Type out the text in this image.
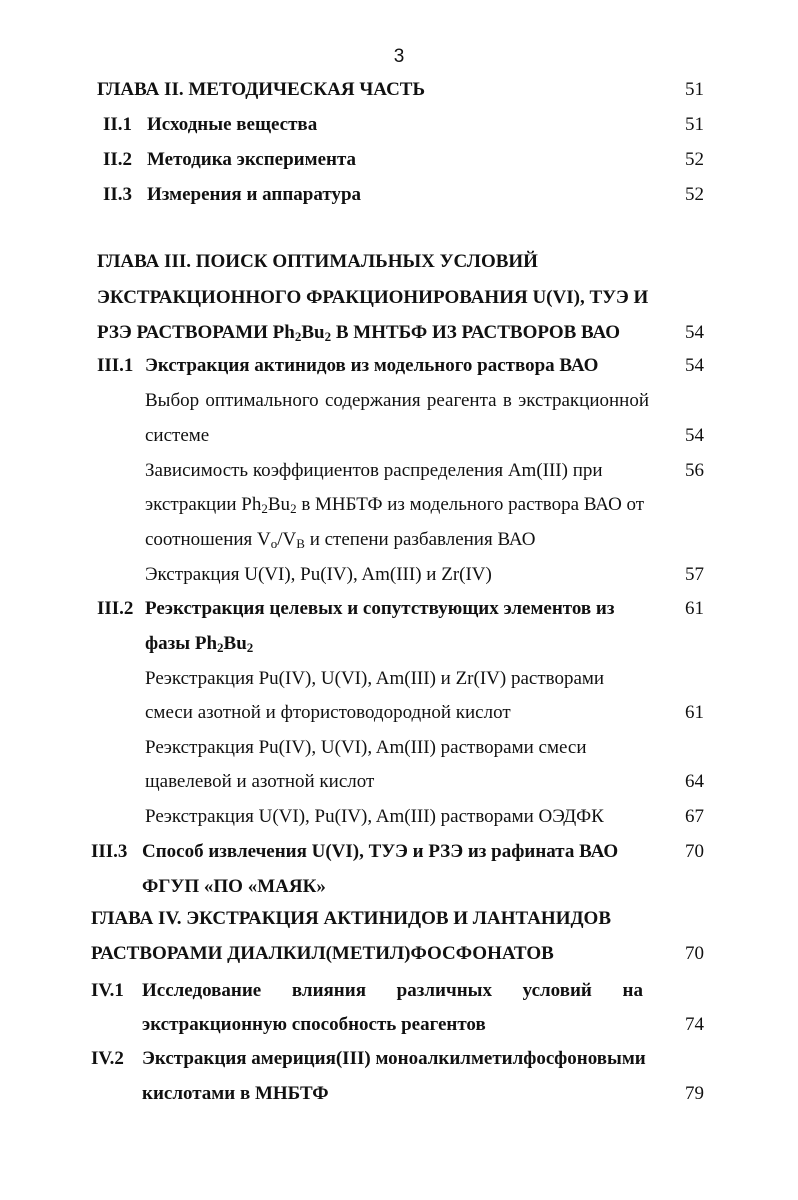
3
ГЛАВА II. МЕТОДИЧЕСКАЯ ЧАСТЬ	51
II.1 Исходные вещества	51
II.2 Методика эксперимента	52
II.3 Измерения и аппаратура	52
ГЛАВА III. ПОИСК ОПТИМАЛЬНЫХ УСЛОВИЙ
ЭКСТРАКЦИОННОГО ФРАКЦИОНИРОВАНИЯ U(VI), ТУЭ И
РЗЭ РАСТВОРАМИ $Ph_2Bu_2$ В МНТБФ ИЗ РАСТВОРОВ ВАО	54
III.1 Экстракция актинидов из модельного раствора ВАО	54
Выбор оптимального содержания реагента в экстракционной
системе	54
Зависимость коэффициентов распределения Am(III) при	56
экстракции $Ph_2Bu_2$ в МНБТФ из модельного раствора ВАО от
соотношения $V_o/V_B$ и степени разбавления ВАО
Экстракция U(VI), Pu(IV), Am(III) и Zr(IV)	57
III.2 Реэкстракция целевых и сопутствующих элементов из	61
фазы $Ph_2Bu_2$
Реэкстракция Pu(IV), U(VI), Am(III) и Zr(IV) растворами
смеси азотной и фтористоводородной кислот	61
Реэкстракция Pu(IV), U(VI), Am(III) растворами смеси
щавелевой и азотной кислот	64
Реэкстракция U(VI), Pu(IV), Am(III) растворами ОЭДФК	67
III.3 Способ извлечения U(VI), ТУЭ и РЗЭ из рафината ВАО	70
ФГУП «ПО «МАЯК»
ГЛАВА IV. ЭКСТРАКЦИЯ АКТИНИДОВ И ЛАНТАНИДОВ
РАСТВОРАМИ ДИАЛКИЛ(МЕТИЛ)ФОСФОНАТОВ	70
IV.1 Исследование влияния различных условий на
экстракционную способность реагентов	74
IV.2 Экстракция америция(III) моноалкилметилфосфоновыми
кислотами в МНБТФ	79
